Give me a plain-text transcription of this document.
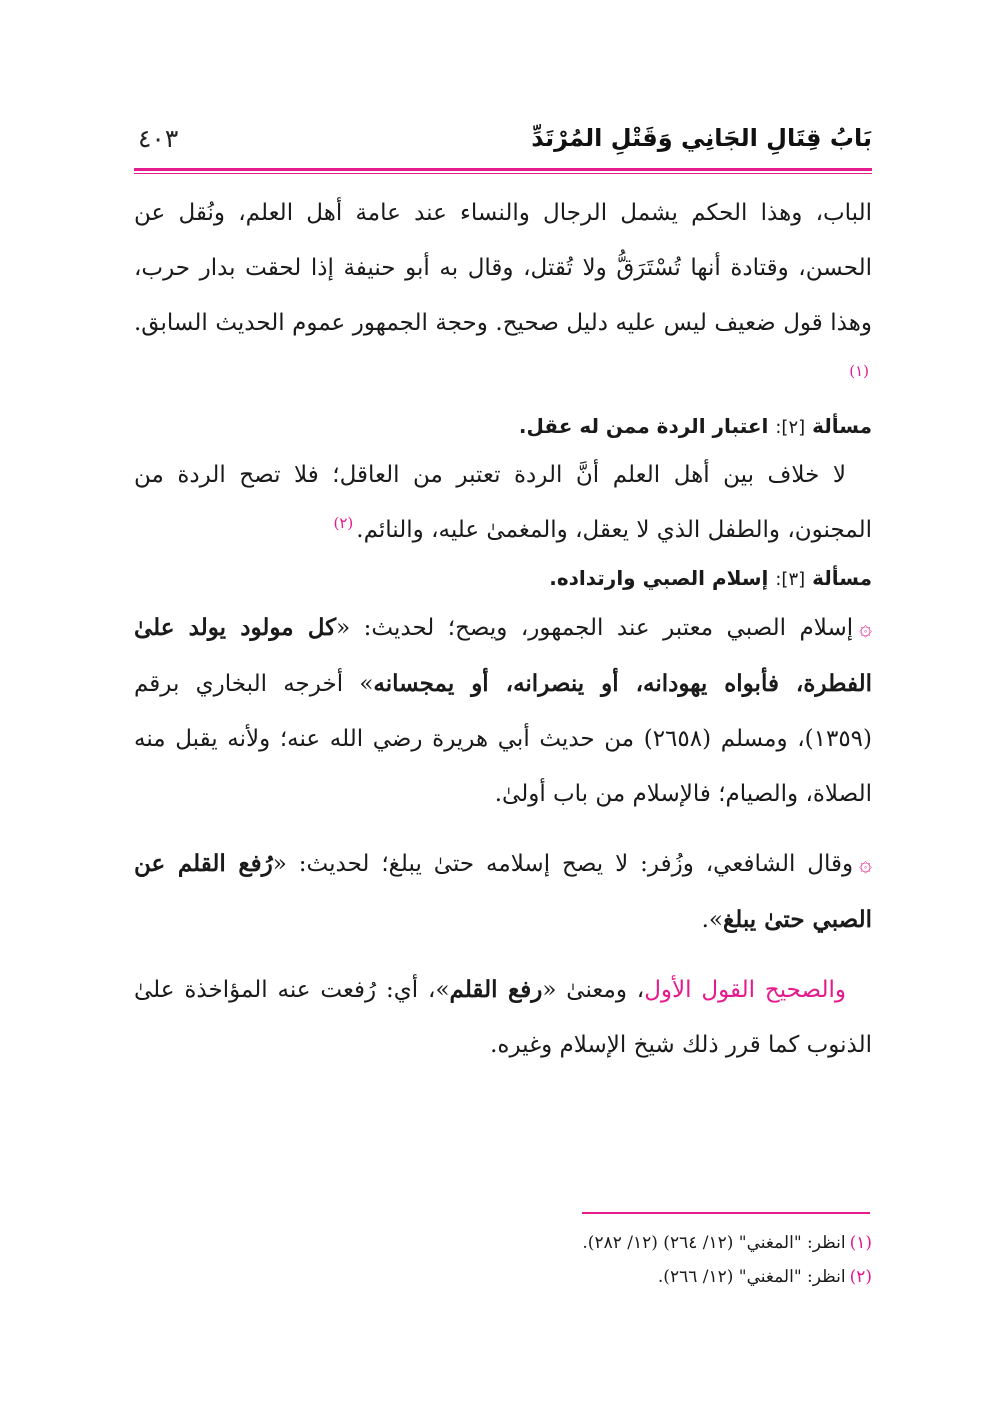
بَابُ قِتَالِ الجَانِي وَقَتْلِ المُرْتَدِّ
٤٠٣

الباب، وهذا الحكم يشمل الرجال والنساء عند عامة أهل العلم، ونُقل عن الحسن، وقتادة أنها تُسْتَرَقُّ ولا تُقتل، وقال به أبو حنيفة إذا لحقت بدار حرب، وهذا قول ضعيف ليس عليه دليل صحيح. وحجة الجمهور عموم الحديث السابق.$^{(١)}$

مسألة [٢]: اعتبار الردة ممن له عقل.

لا خلاف بين أهل العلم أنَّ الردة تعتبر من العاقل؛ فلا تصح الردة من المجنون، والطفل الذي لا يعقل، والمغمىٰ عليه، والنائم.$^{(٢)}$

مسألة [٣]: إسلام الصبي وارتداده.

۞إسلام الصبي معتبر عند الجمهور، ويصح؛ لحديث: «كل مولود يولد علىٰ الفطرة، فأبواه يهودانه، أو ينصرانه، أو يمجسانه» أخرجه البخاري برقم (١٣٥٩)، ومسلم (٢٦٥٨) من حديث أبي هريرة رضي الله عنه؛ ولأنه يقبل منه الصلاة، والصيام؛ فالإسلام من باب أولىٰ.

۞وقال الشافعي، وزُفر: لا يصح إسلامه حتىٰ يبلغ؛ لحديث: «رُفع القلم عن الصبي حتىٰ يبلغ».

والصحيح القول الأول، ومعنىٰ «رفع القلم»، أي: رُفعت عنه المؤاخذة علىٰ الذنوب كما قرر ذلك شيخ الإسلام وغيره.

(١)انظر: "المغني" (١٢/ ٢٦٤) (١٢/ ٢٨٢).

(٢)انظر: "المغني" (١٢/ ٢٦٦).
